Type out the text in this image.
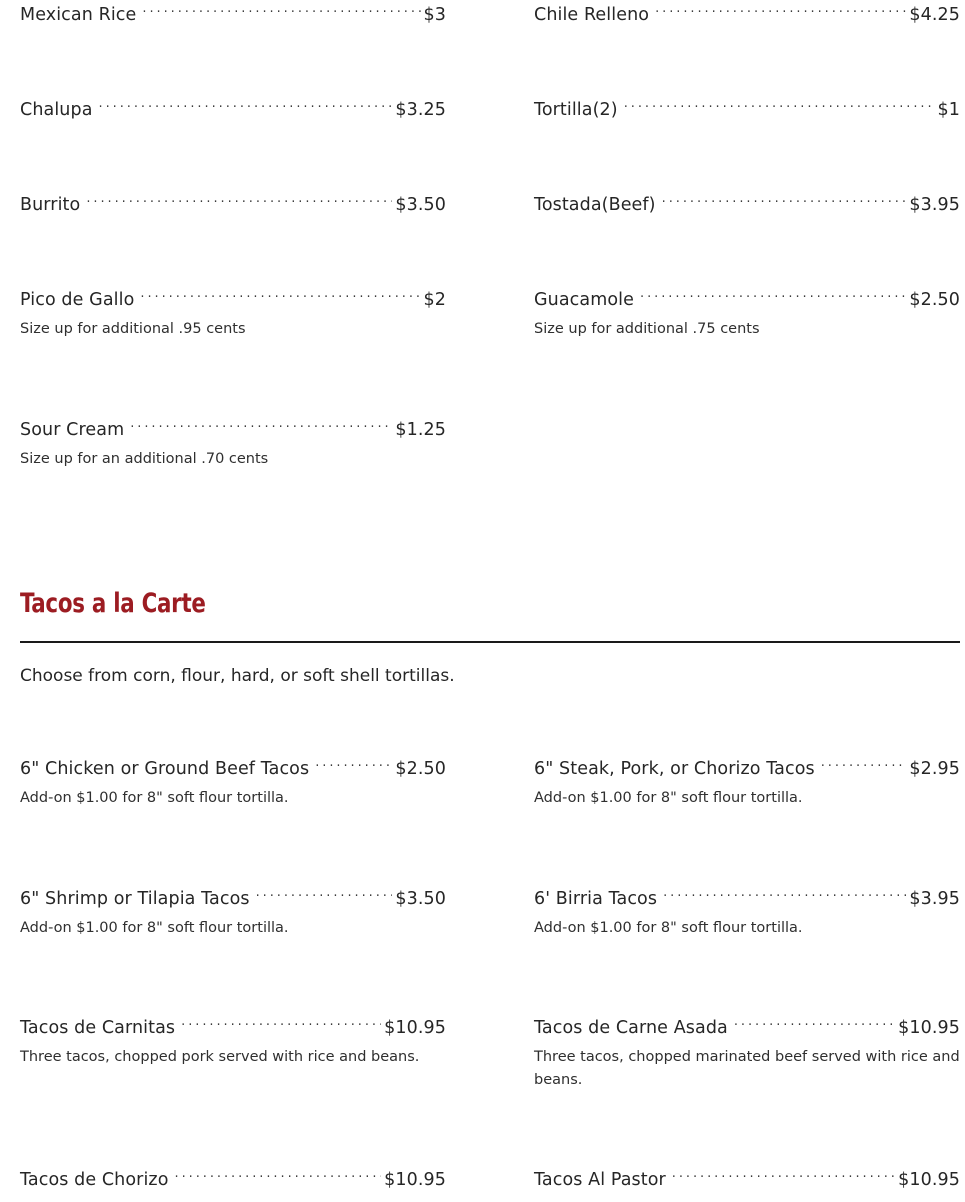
Mexican Rice . . .	$3	Chile Relleno . . .	$4.25
Chalupa . . .	$3.25	Tortilla(2) . . .	$1
Burrito . . .	$3.50	Tostada(Beef) . . .	$3.95
Pico de Gallo . . .	$2
Size up for additional .95 cents
Guacamole . . .	$2.50
Size up for additional .75 cents
Sour Cream . . .	$1.25
Size up for an additional .70 cents
Tacos a la Carte
Choose from corn, flour, hard, or soft shell tortillas.
6" Chicken or Ground Beef Tacos . . .	$2.50
Add-on $1.00 for 8" soft flour tortilla.
6" Steak, Pork, or Chorizo Tacos . . .	$2.95
Add-on $1.00 for 8" soft flour tortilla.
6" Shrimp or Tilapia Tacos . . .	$3.50
Add-on $1.00 for 8" soft flour tortilla.
6' Birria Tacos . . .	$3.95
Add-on $1.00 for 8" soft flour tortilla.
Tacos de Carnitas . . .	$10.95
Three tacos, chopped pork served with rice and beans.
Tacos de Carne Asada . . .	$10.95
Three tacos, chopped marinated beef served with rice and beans.
Tacos de Chorizo . . .	$10.95	Tacos Al Pastor . . .	$10.95
